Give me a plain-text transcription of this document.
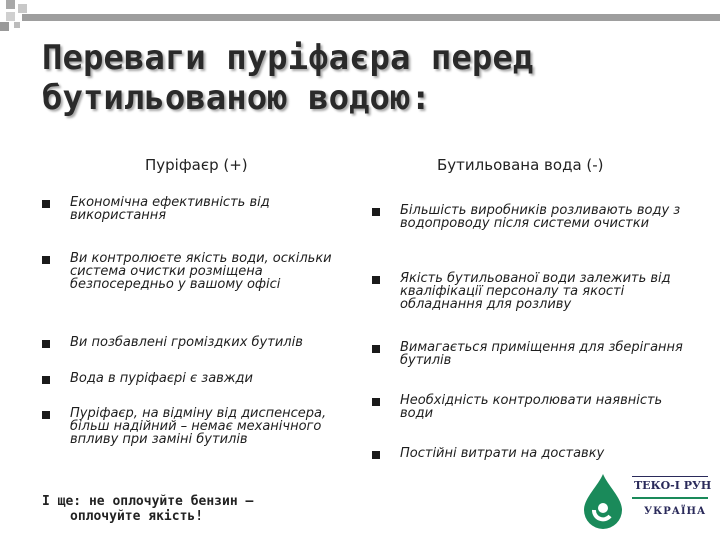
Переваги пуріфаєра перед бутильованою водою:
Пуріфаєр (+)	Бутильована вода (-)

Економічна ефективність від використання

Ви контролюєте якість води, оскільки система очистки розміщена безпосередньо у вашому офісі

Ви позбавлені громіздких бутилів

Вода в пуріфаєрі є завжди

Пуріфаєр, на відміну від диспенсера, більш надійний – немає механічного впливу при заміні бутилів

Більшість виробників розливають воду з водопроводу після системи очистки

Якість бутильованої води залежить від кваліфікації персоналу та якості обладнання для розливу

Вимагається приміщення для зберігання бутилів

Необхідність контролювати наявність води

Постійні витрати на доставку

І ще: не оплочуйте бензин –
оплочуйте якість!
ТЕКО-І РУН
УКРАЇНА
